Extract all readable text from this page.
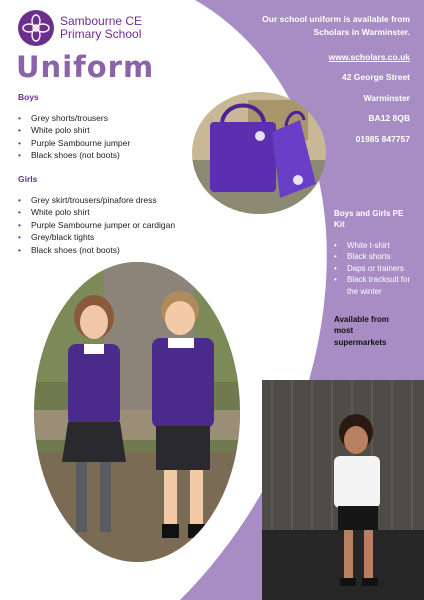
Sambourne CE
Primary School
Uniform
Boys
• Grey shorts/trousers
• White polo shirt
• Purple Sambourne jumper
• Black shoes (not boots)
Girls
• Grey skirt/trousers/pinafore dress
• White polo shirt
• Purple Sambourne jumper or cardigan
• Grey/black tights
• Black shoes (not boots)
Our school uniform is available from
Scholars in Warminster.
www.scholars.co.uk
42 George Street
Warminster
BA12 8QB
01985 847757
Boys and Girls PE
Kit
• White t-shirt
• Black shorts
• Daps or trainers
• Black tracksuit for the winter
Available from
most
supermarkets
